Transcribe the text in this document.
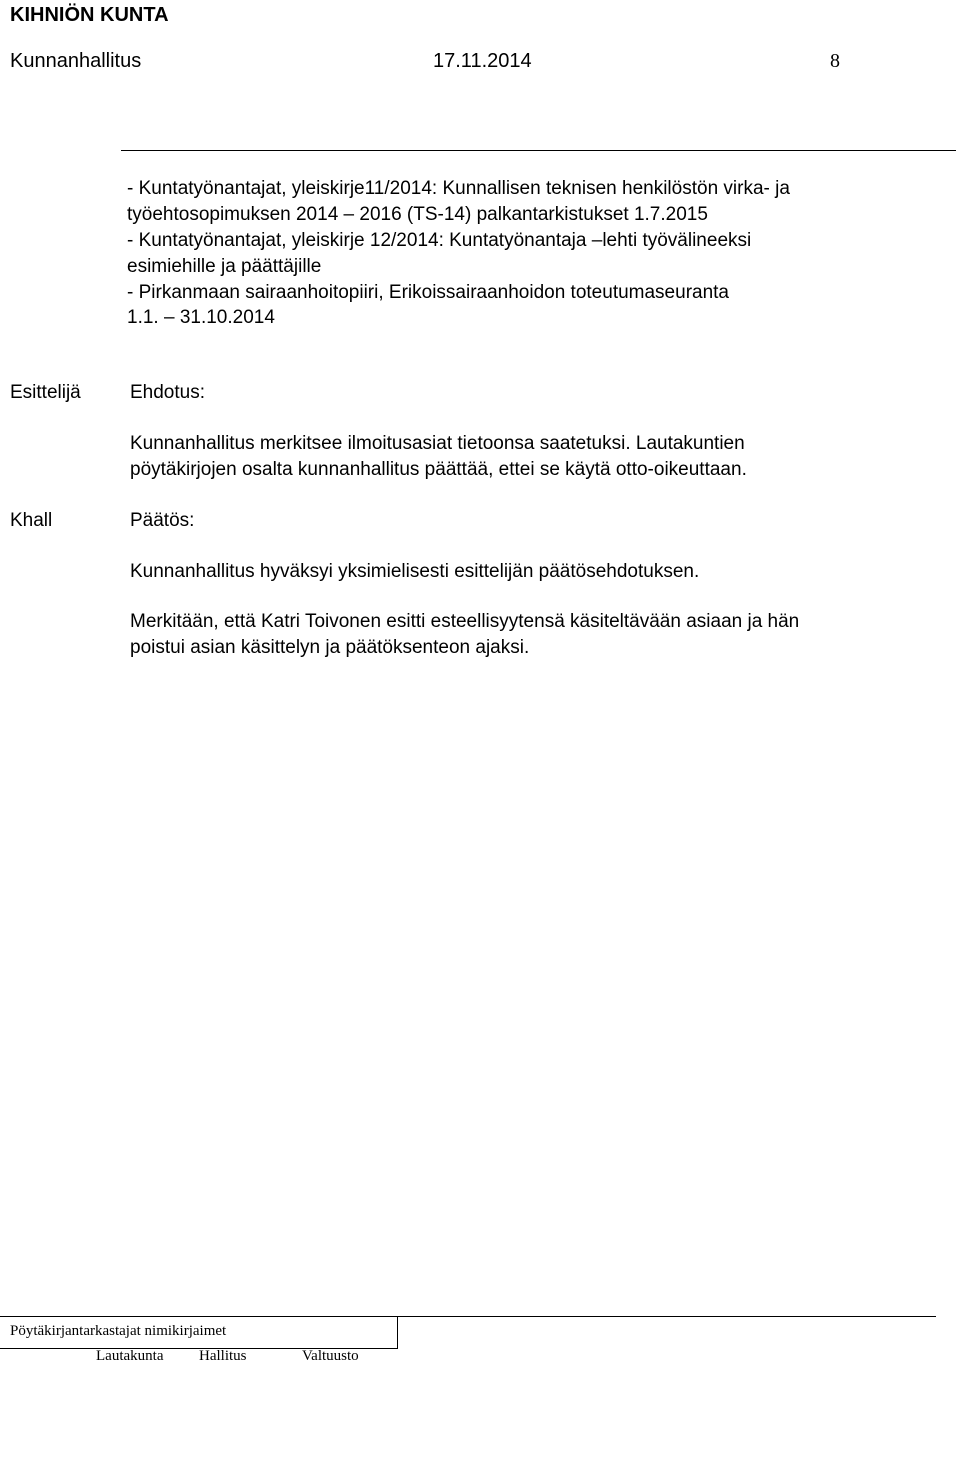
KIHNIÖN KUNTA
Kunnanhallitus	17.11.2014	8
- Kuntatyönantajat, yleiskirje11/2014: Kunnallisen teknisen henkilöstön virka- ja
työehtosopimuksen 2014 – 2016 (TS-14) palkantarkistukset 1.7.2015
- Kuntatyönantajat, yleiskirje 12/2014: Kuntatyönantaja –lehti työvälineeksi
esimiehille ja päättäjille
- Pirkanmaan sairaanhoitopiiri, Erikoissairaanhoidon toteutumaseuranta
1.1. – 31.10.2014
Esittelijä	Ehdotus:
Kunnanhallitus merkitsee ilmoitusasiat tietoonsa saatetuksi. Lautakuntien
pöytäkirjojen osalta kunnanhallitus päättää, ettei se käytä otto-oikeuttaan.
Khall	Päätös:
Kunnanhallitus hyväksyi yksimielisesti esittelijän päätösehdotuksen.
Merkitään, että Katri Toivonen esitti esteellisyytensä käsiteltävään asiaan ja hän
poistui asian käsittelyn ja päätöksenteon ajaksi.
Pöytäkirjantarkastajat nimikirjaimet
Lautakunta Hallitus	Valtuusto
